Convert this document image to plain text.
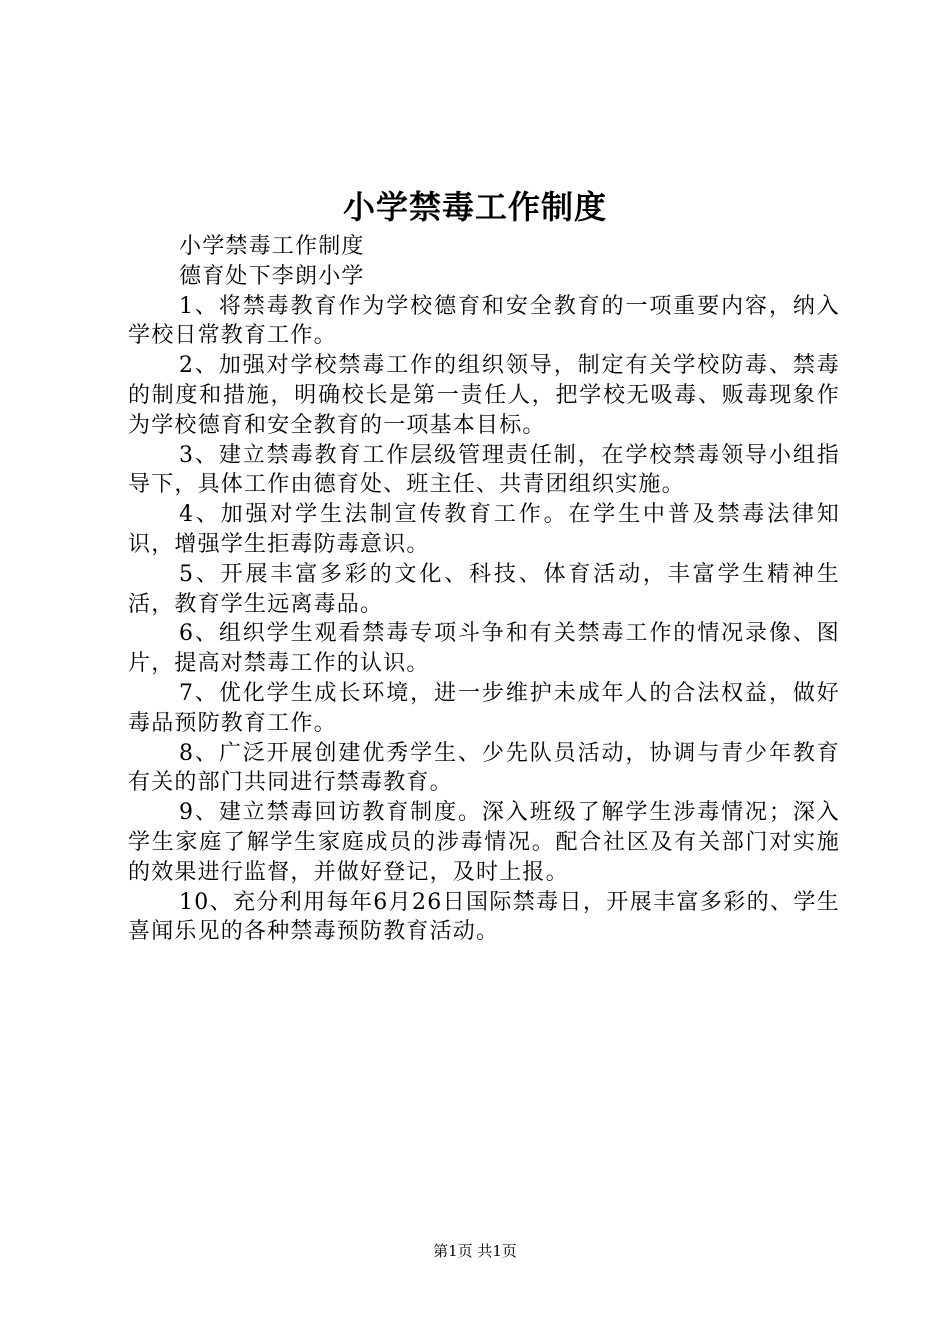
小学禁毒工作制度

小学禁毒工作制度

德育处下李朗小学

1、将禁毒教育作为学校德育和安全教育的一项重要内容，纳入学校日常教育工作。

2、加强对学校禁毒工作的组织领导，制定有关学校防毒、禁毒的制度和措施，明确校长是第一责任人，把学校无吸毒、贩毒现象作为学校德育和安全教育的一项基本目标。

3、建立禁毒教育工作层级管理责任制，在学校禁毒领导小组指导下，具体工作由德育处、班主任、共青团组织实施。

4、加强对学生法制宣传教育工作。在学生中普及禁毒法律知识，增强学生拒毒防毒意识。

5、开展丰富多彩的文化、科技、体育活动，丰富学生精神生活，教育学生远离毒品。

6、组织学生观看禁毒专项斗争和有关禁毒工作的情况录像、图片，提高对禁毒工作的认识。

7、优化学生成长环境，进一步维护未成年人的合法权益，做好毒品预防教育工作。

8、广泛开展创建优秀学生、少先队员活动，协调与青少年教育有关的部门共同进行禁毒教育。

9、建立禁毒回访教育制度。深入班级了解学生涉毒情况；深入学生家庭了解学生家庭成员的涉毒情况。配合社区及有关部门对实施的效果进行监督，并做好登记，及时上报。

10、充分利用每年6月26日国际禁毒日，开展丰富多彩的、学生喜闻乐见的各种禁毒预防教育活动。

第1页 共1页
